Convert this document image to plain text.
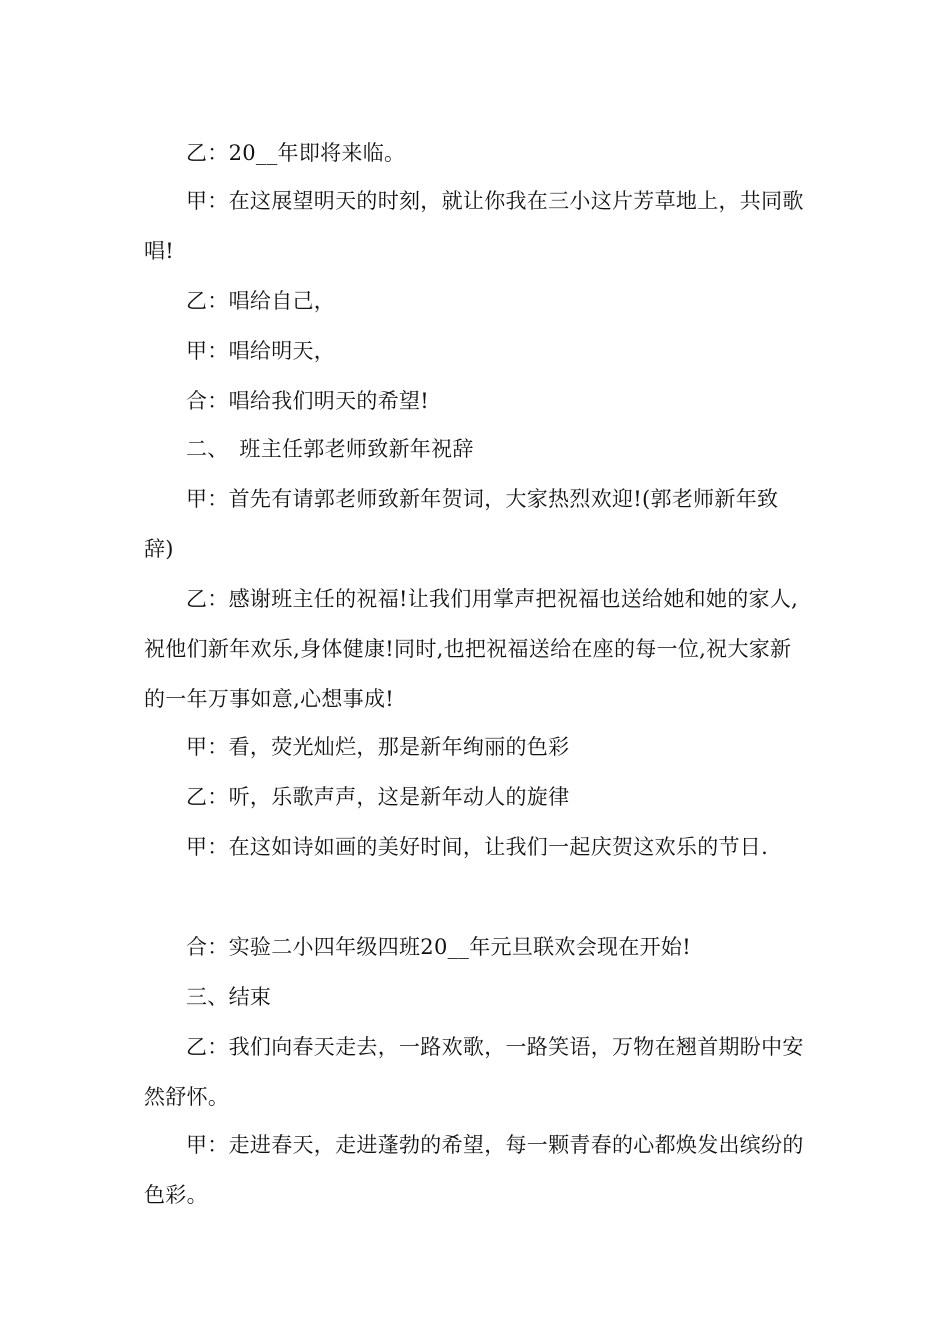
乙：20__年即将来临。

甲：在这展望明天的时刻，就让你我在三小这片芳草地上，共同歌唱!

乙：唱给自己，

甲：唱给明天，

合：唱给我们明天的希望!

二、　班主任郭老师致新年祝辞

甲：首先有请郭老师致新年贺词，大家热烈欢迎!(郭老师新年致辞)

乙：感谢班主任的祝福!让我们用掌声把祝福也送给她和她的家人,祝他们新年欢乐,身体健康!同时,也把祝福送给在座的每一位,祝大家新的一年万事如意,心想事成!

甲：看，荧光灿烂，那是新年绚丽的色彩

乙：听，乐歌声声，这是新年动人的旋律

甲：在这如诗如画的美好时间，让我们一起庆贺这欢乐的节日.

合：实验二小四年级四班20__年元旦联欢会现在开始!

三、结束

乙：我们向春天走去，一路欢歌，一路笑语，万物在翘首期盼中安然舒怀。

甲：走进春天，走进蓬勃的希望，每一颗青春的心都焕发出缤纷的色彩。
